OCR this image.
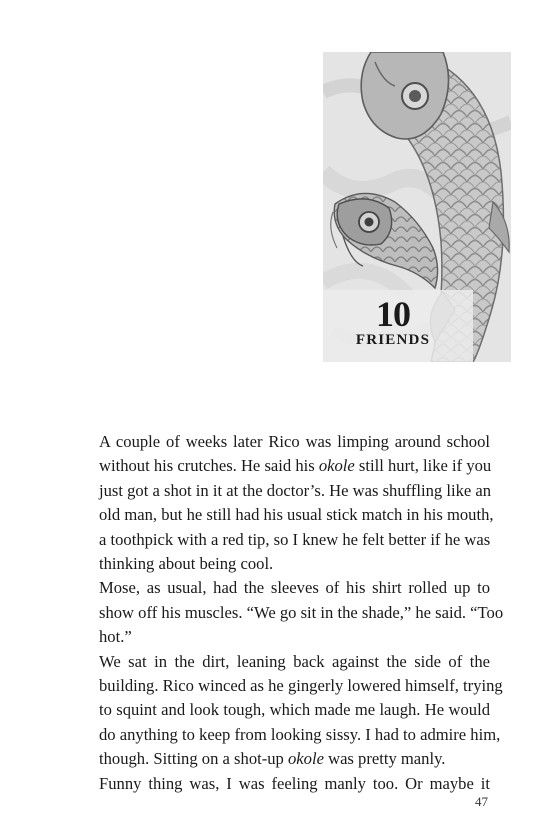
10
FRIENDS

A couple of weeks later Rico was limping around school
without his crutches. He said his okole still hurt, like if you
just got a shot in it at the doctor’s. He was shuffling like an
old man, but he still had his usual stick match in his mouth,
a toothpick with a red tip, so I knew he felt better if he was
thinking about being cool.

Mose, as usual, had the sleeves of his shirt rolled up to
show off his muscles. “We go sit in the shade,” he said. “Too
hot.”

We sat in the dirt, leaning back against the side of the
building. Rico winced as he gingerly lowered himself, trying
to squint and look tough, which made me laugh. He would
do anything to keep from looking sissy. I had to admire him,
though. Sitting on a shot-up okole was pretty manly.

Funny thing was, I was feeling manly too. Or maybe it

47
